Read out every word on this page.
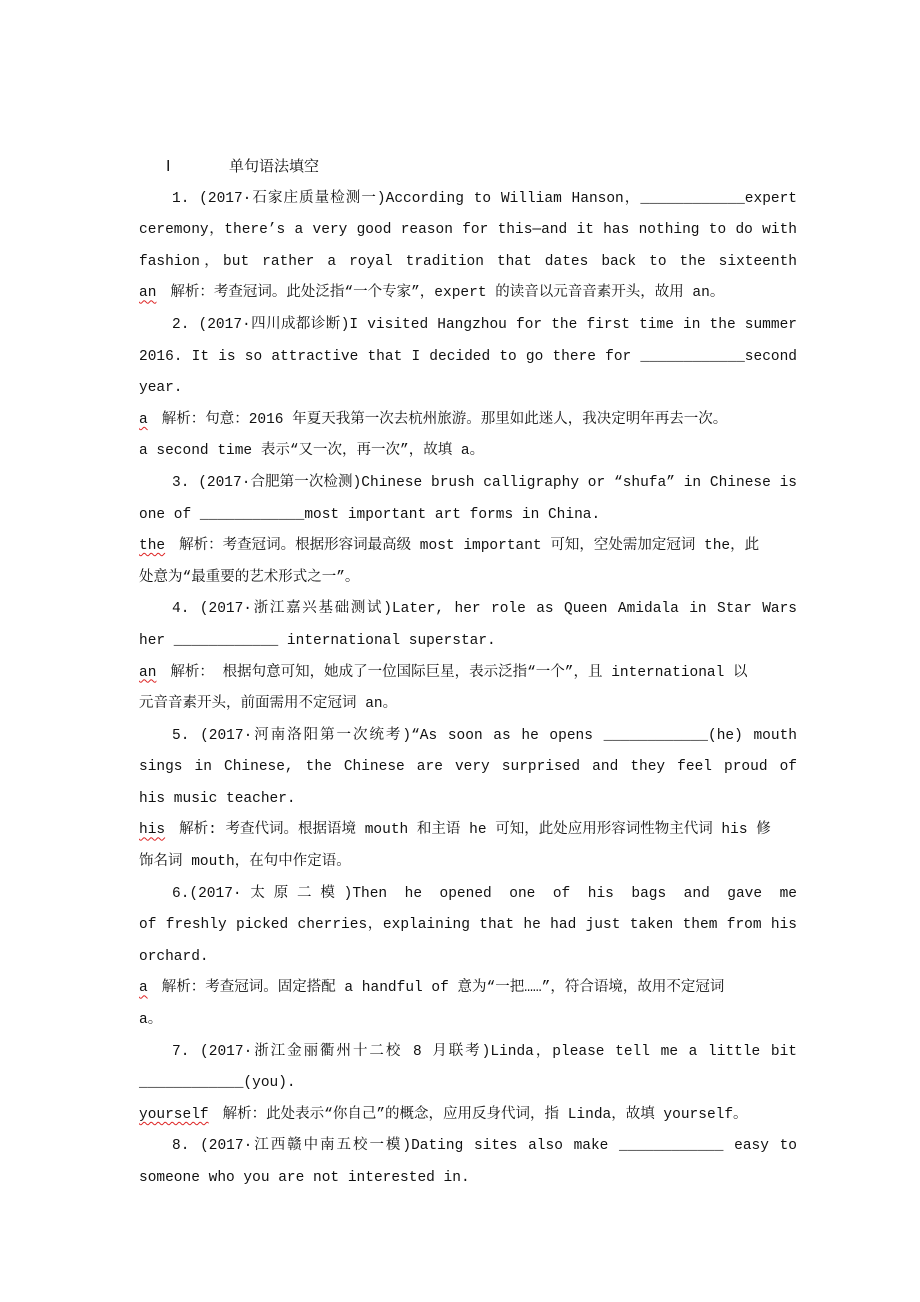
Ⅰ	单句语法填空
1. (2017·石家庄质量检测一)According to William Hanson，____________expert
ceremony，there’s a very good reason for this—and it has nothing to do with
fashion，but rather a royal tradition that dates back to the sixteenth
an 解析：考查冠词。此处泛指“一个专家”，expert 的读音以元音音素开头，故用 an。
2. (2017·四川成都诊断)I visited Hangzhou for the first time in the summer
2016. It is so attractive that I decided to go there for ____________second
year.
a 解析：句意：2016 年夏天我第一次去杭州旅游。那里如此迷人，我决定明年再去一次。
a second time 表示“又一次，再一次”，故填 a。
3. (2017·合肥第一次检测)Chinese brush calligraphy or “shufa” in Chinese is
one of ____________most important art forms in China.
the 解析：考查冠词。根据形容词最高级 most important 可知，空处需加定冠词 the，此
处意为“最重要的艺术形式之一”。
4. (2017·浙江嘉兴基础测试)Later, her role as Queen Amidala in Star Wars
her ____________ international superstar.
an 解析： 根据句意可知，她成了一位国际巨星，表示泛指“一个”，且 international 以
元音音素开头，前面需用不定冠词 an。
5. (2017·河南洛阳第一次统考)“As soon as he opens ____________(he) mouth
sings in Chinese, the Chinese are very surprised and they feel proud of
his music teacher.
his 解析: 考查代词。根据语境 mouth 和主语 he 可知，此处应用形容词性物主代词 his 修
饰名词 mouth，在句中作定语。
6.(2017·太原二模)Then he opened one of his bags and gave me
of freshly picked cherries，explaining that he had just taken them from his
orchard.
a 解析：考查冠词。固定搭配 a handful of 意为“一把……”，符合语境，故用不定冠词
a。
7. (2017·浙江金丽衢州十二校 8 月联考)Linda，please tell me a little bit
____________(you).
yourself 解析：此处表示“你自己”的概念，应用反身代词，指 Linda，故填 yourself。
8. (2017·江西赣中南五校一模)Dating sites also make ____________ easy to
someone who you are not interested in.
